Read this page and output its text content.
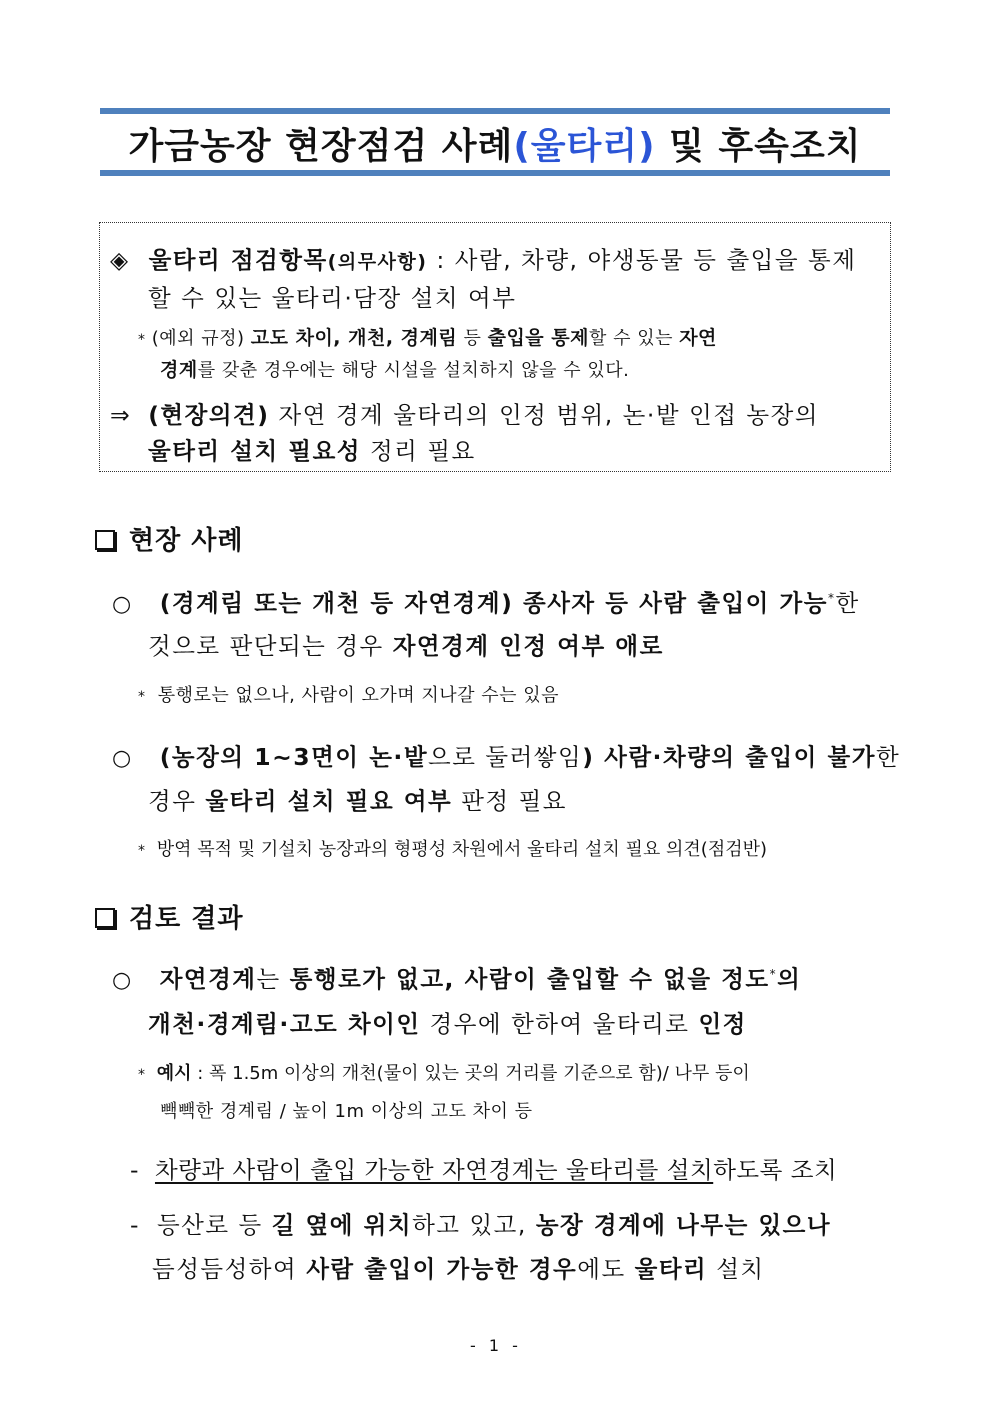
가금농장 현장점검 사례(울타리) 및 후속조치
◈ 울타리 점검항목(의무사항) : 사람, 차량, 야생동물 등 출입을 통제
할 수 있는 울타리·담장 설치 여부
* (예외 규정) 고도 차이, 개천, 경계림 등 출입을 통제할 수 있는 자연
경계를 갖춘 경우에는 해당 시설을 설치하지 않을 수 있다.
⇒ (현장의견) 자연 경계 울타리의 인정 범위, 논·밭 인접 농장의
울타리 설치 필요성 정리 필요
현장 사례
○ (경계림 또는 개천 등 자연경계) 종사자 등 사람 출입이 가능*한
것으로 판단되는 경우 자연경계 인정 여부 애로
* 통행로는 없으나, 사람이 오가며 지나갈 수는 있음
○ (농장의 1~3면이 논·밭으로 둘러쌓임) 사람·차량의 출입이 불가한
경우 울타리 설치 필요 여부 판정 필요
* 방역 목적 및 기설치 농장과의 형평성 차원에서 울타리 설치 필요 의견(점검반)
검토 결과
○ 자연경계는 통행로가 없고, 사람이 출입할 수 없을 정도*의
개천·경계림·고도 차이인 경우에 한하여 울타리로 인정
* 예시 : 폭 1.5m 이상의 개천(물이 있는 곳의 거리를 기준으로 함)/ 나무 등이
빽빽한 경계림 / 높이 1m 이상의 고도 차이 등
- 차량과 사람이 출입 가능한 자연경계는 울타리를 설치하도록 조치
- 등산로 등 길 옆에 위치하고 있고, 농장 경계에 나무는 있으나
듬성듬성하여 사람 출입이 가능한 경우에도 울타리 설치
- 1 -
